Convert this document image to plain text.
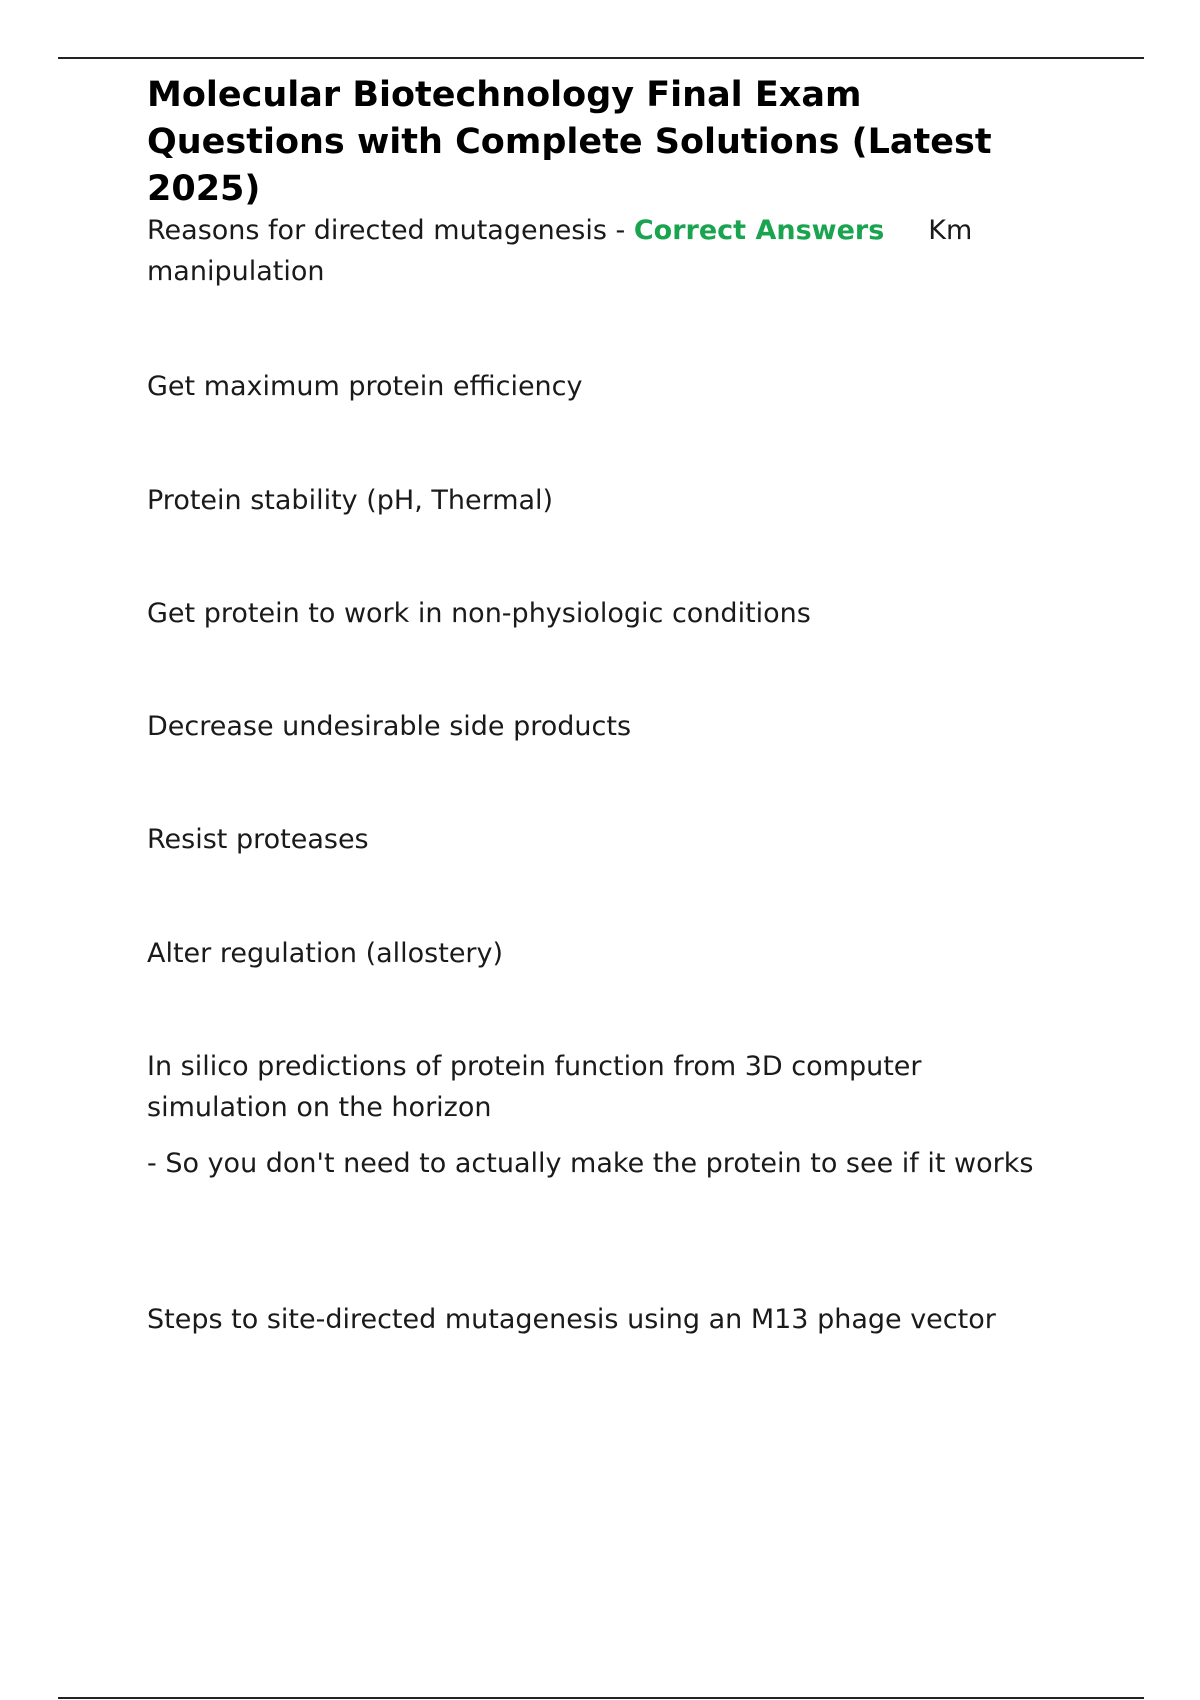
Molecular Biotechnology Final Exam Questions with Complete Solutions (Latest 2025)

Reasons for directed mutagenesis - Correct Answers Km manipulation

Get maximum protein efficiency

Protein stability (pH, Thermal)

Get protein to work in non-physiologic conditions

Decrease undesirable side products

Resist proteases

Alter regulation (allostery)

In silico predictions of protein function from 3D computer simulation on the horizon

- So you don't need to actually make the protein to see if it works

Steps to site-directed mutagenesis using an M13 phage vector
